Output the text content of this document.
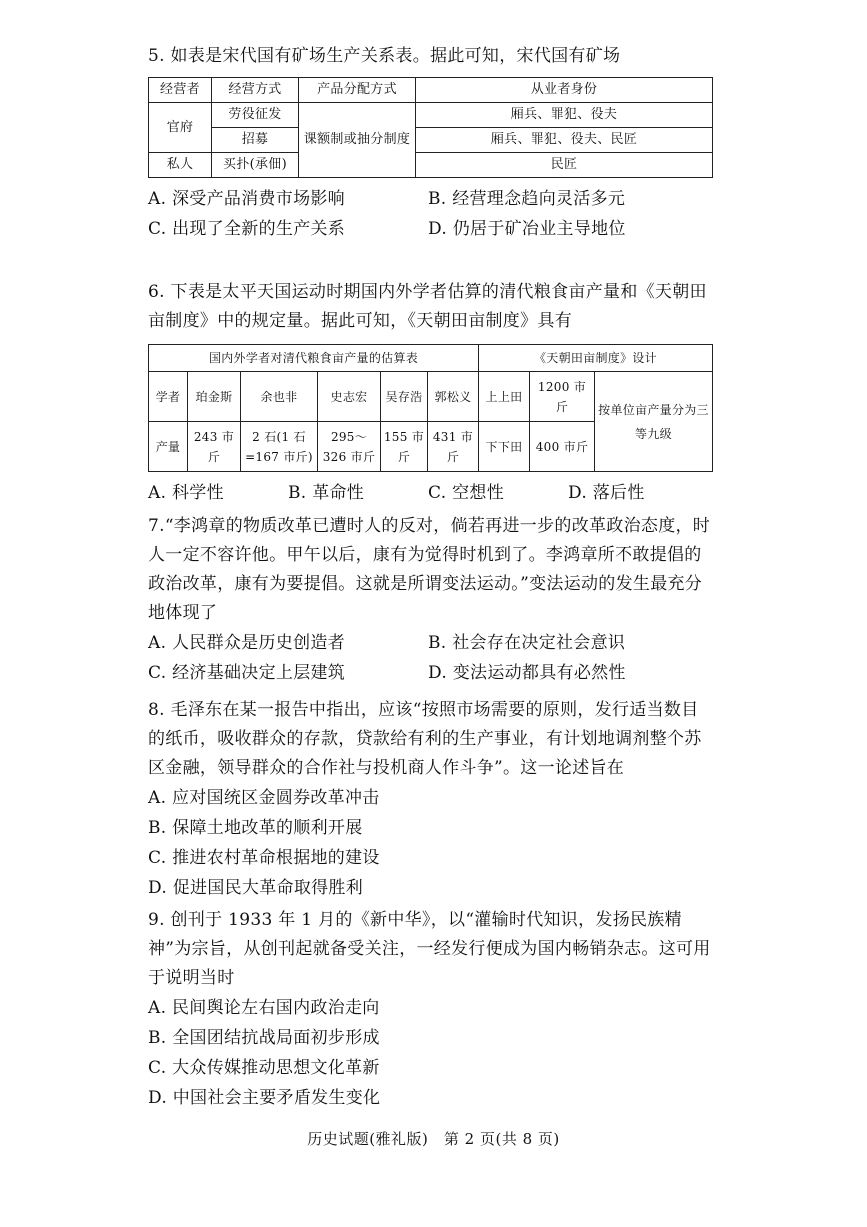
5. 如表是宋代国有矿场生产关系表。据此可知，宋代国有矿场
经营者	经营方式	产品分配方式	从业者身份
官府	劳役征发	课额制或抽分制度	厢兵、罪犯、役夫
	招募		厢兵、罪犯、役夫、民匠
私人	买扑(承佃)		民匠
A. 深受产品消费市场影响	B. 经营理念趋向灵活多元
C. 出现了全新的生产关系	D. 仍居于矿冶业主导地位
6. 下表是太平天国运动时期国内外学者估算的清代粮食亩产量和《天朝田亩制度》中的规定量。据此可知，《天朝田亩制度》具有
国内外学者对清代粮食亩产量的估算表						《天朝田亩制度》设计		
学者	珀金斯	余也非	史志宏	吴存浩	郭松义	上上田	1200 市斤	按单位亩产量分为三等九级
产量	243 市斤	2 石(1 石 =167 市斤)	295～326 市斤	155 市斤	431 市斤	下下田	400 市斤	
A. 科学性	B. 革命性	C. 空想性	D. 落后性
7.“李鸿章的物质改革已遭时人的反对，倘若再进一步的改革政治态度，时人一定不容许他。甲午以后，康有为觉得时机到了。李鸿章所不敢提倡的政治改革，康有为要提倡。这就是所谓变法运动。”变法运动的发生最充分地体现了
A. 人民群众是历史创造者	B. 社会存在决定社会意识
C. 经济基础决定上层建筑	D. 变法运动都具有必然性
8. 毛泽东在某一报告中指出，应该“按照市场需要的原则，发行适当数目的纸币，吸收群众的存款，贷款给有利的生产事业，有计划地调剂整个苏区金融，领导群众的合作社与投机商人作斗争”。这一论述旨在
A. 应对国统区金圆券改革冲击
B. 保障土地改革的顺利开展
C. 推进农村革命根据地的建设
D. 促进国民大革命取得胜利
9. 创刊于 1933 年 1 月的《新中华》，以“灌输时代知识，发扬民族精神”为宗旨，从创刊起就备受关注，一经发行便成为国内畅销杂志。这可用于说明当时
A. 民间舆论左右国内政治走向
B. 全国团结抗战局面初步形成
C. 大众传媒推动思想文化革新
D. 中国社会主要矛盾发生变化
历史试题(雅礼版)　第 2 页(共 8 页)
